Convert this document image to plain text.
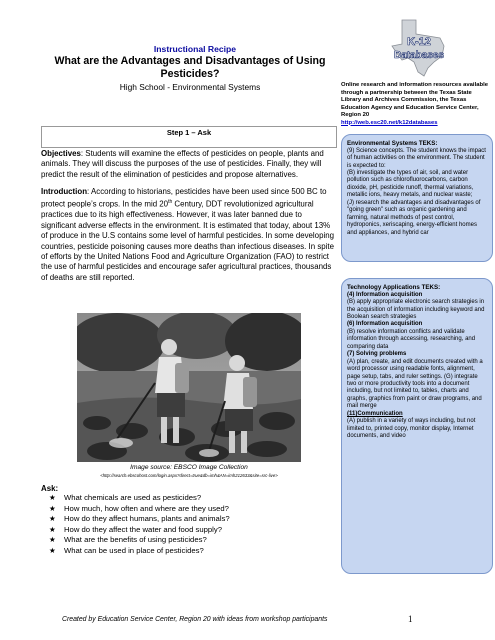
Instructional Recipe
What are the Advantages and Disadvantages of Using Pesticides?
High School - Environmental Systems
K-12
Databases
Online research and information resources available through a partnership between the Texas State Library and Archives Commission, the Texas Education Agency and Education Service Center, Region 20
http://web.esc20.net/k12databases
Step 1 – Ask
Objectives: Students will examine the effects of pesticides on people, plants and animals. They will discuss the purposes of the use of pesticides. Finally, they will predict the result of the elimination of pesticides and propose alternatives.
Introduction: According to historians, pesticides have been used since 500 BC to protect people’s crops. In the mid 20th Century, DDT revolutionized agricultural practices due to its high effectiveness. However, it was later banned due to significant adverse effects in the environment. It is estimated that today, about 13% of produce in the U.S contains some level of harmful pesticides. In some developing countries, pesticide poisoning causes more deaths than infectious diseases. In spite of efforts by the United Nations Food and Agriculture Organization (FAO) to restrict the use of harmful pesticides and encourage safer agricultural practices, thousands of deaths are still reported.
Image source: EBSCO Image Collection
<http://search.ebscohost.com/login.aspx?direct=true&db=imh&AN=imh212633&site=src-live>
Ask:
★	What chemicals are used as pesticides?
★	How much, how often and where are they used?
★	How do they affect humans, plants and animals?
★	How do they affect the water and food supply?
★	What are the benefits of using pesticides?
★	What can be used in place of pesticides?
Environmental Systems TEKS:
(9) Science concepts. The student knows the impact of human activities on the environment. The student is expected to:
(B) investigate the types of air, soil, and water pollution such as chlorofluorocarbons, carbon dioxide, pH, pesticide runoff, thermal variations, metallic ions, heavy metals, and nuclear waste;
(J) research the advantages and disadvantages of "going green" such as organic gardening and farming, natural methods of pest control, hydroponics, xeriscaping, energy-efficient homes and appliances, and hybrid car
Technology Applications TEKS:
(4) Information acquisition
(B) apply appropriate electronic search strategies in the acquisition of information including keyword and Boolean search strategies
(6) Information acquisition
(B) resolve information conflicts and validate information through accessing, researching, and comparing data
(7) Solving problems
(A) plan, create, and edit documents created with a word processor using readable fonts, alignment, page setup, tabs, and ruler settings. (G) integrate two or more productivity tools into a document including, but not limited to, tables, charts and graphs, graphics from paint or draw programs, and mail merge
(11)Communication
(A) publish in a variety of ways including, but not limited to, printed copy, monitor display, Internet documents, and video
Created by Education Service Center, Region 20 with ideas from workshop participants	1
